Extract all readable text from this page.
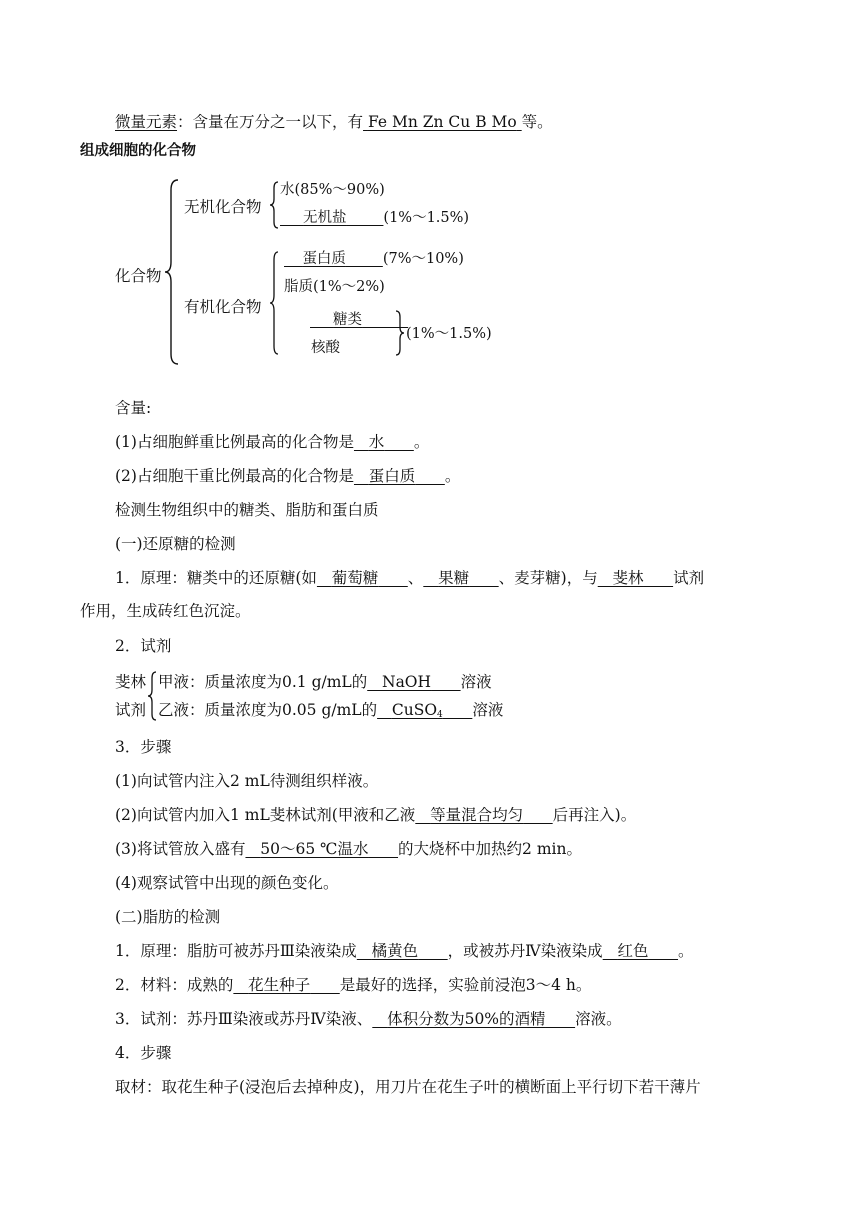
微量元素：含量在万分之一以下，有 Fe Mn Zn Cu B Mo 等。
组成细胞的化合物
化合物
无机化合物
水(85%～90%)
无机盐	(1%～1.5%)
有机化合物
蛋白质	(7%～10%)
脂质(1%～2%)
糖类
核酸
(1%～1.5%)
含量:
(1)占细胞鲜重比例最高的化合物是 水 。
(2)占细胞干重比例最高的化合物是 蛋白质 。
检测生物组织中的糖类、脂肪和蛋白质
(一)还原糖的检测
1．原理：糖类中的还原糖(如 葡萄糖 、 果糖 、麦芽糖)，与 斐林 试剂
作用，生成砖红色沉淀。
2．试剂
斐林
试剂
甲液：质量浓度为0.1 g/mL的 NaOH 溶液
乙液：质量浓度为0.05 g/mL的 CuSO$_4$ 溶液
3．步骤
(1)向试管内注入2 mL待测组织样液。
(2)向试管内加入1 mL斐林试剂(甲液和乙液 等量混合均匀 后再注入)。
(3)将试管放入盛有 50～65 ℃温水 的大烧杯中加热约2 min。
(4)观察试管中出现的颜色变化。
(二)脂肪的检测
1．原理：脂肪可被苏丹Ⅲ染液染成 橘黄色 ，或被苏丹Ⅳ染液染成 红色 。
2．材料：成熟的 花生种子 是最好的选择，实验前浸泡3～4 h。
3．试剂：苏丹Ⅲ染液或苏丹Ⅳ染液、 体积分数为50%的酒精 溶液。
4．步骤
取材：取花生种子(浸泡后去掉种皮)，用刀片在花生子叶的横断面上平行切下若干薄片
